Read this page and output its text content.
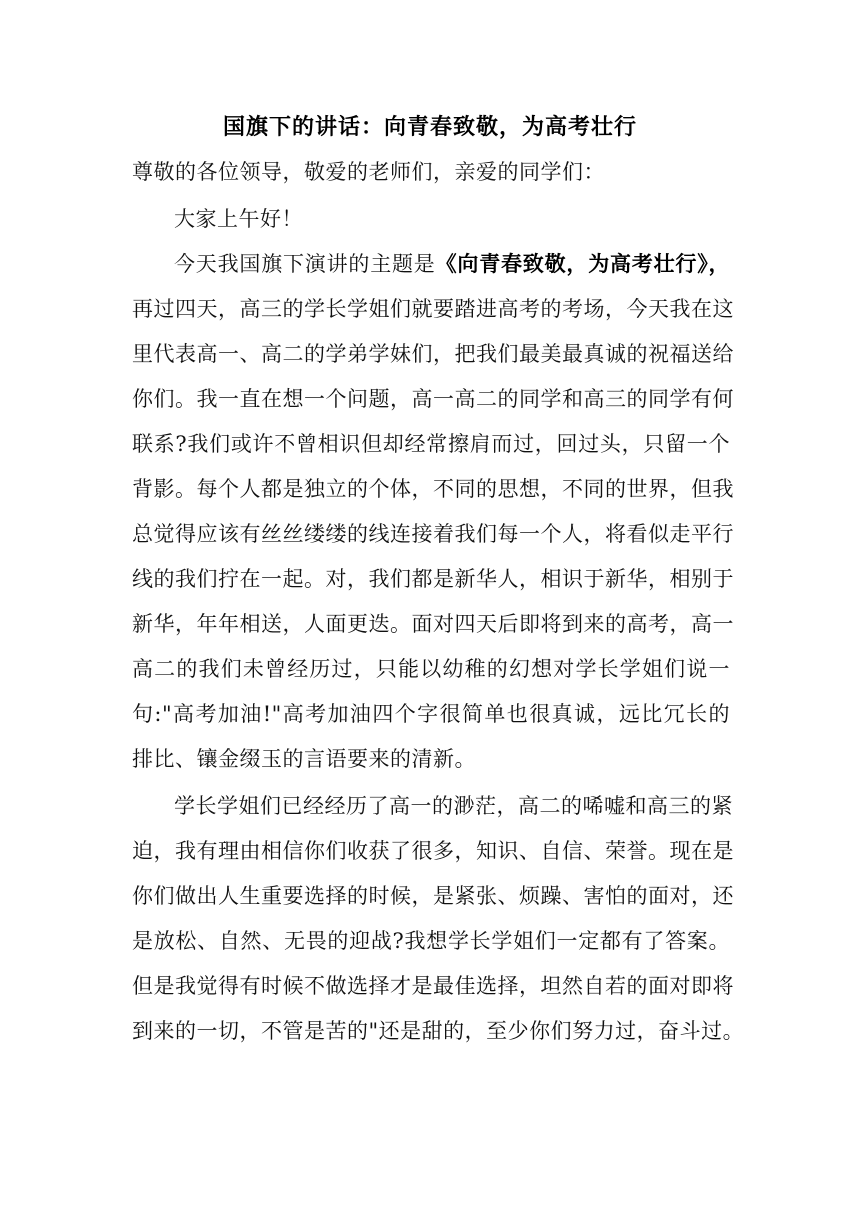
国旗下的讲话：向青春致敬，为高考壮行
尊敬的各位领导，敬爱的老师们，亲爱的同学们：
大家上午好！
今天我国旗下演讲的主题是《向青春致敬，为高考壮行》，
再过四天，高三的学长学姐们就要踏进高考的考场，今天我在这
里代表高一、高二的学弟学妹们，把我们最美最真诚的祝福送给
你们。我一直在想一个问题，高一高二的同学和高三的同学有何
联系?我们或许不曾相识但却经常擦肩而过，回过头，只留一个
背影。每个人都是独立的个体，不同的思想，不同的世界，但我
总觉得应该有丝丝缕缕的线连接着我们每一个人，将看似走平行
线的我们拧在一起。对，我们都是新华人，相识于新华，相别于
新华，年年相送，人面更迭。面对四天后即将到来的高考，高一
高二的我们未曾经历过，只能以幼稚的幻想对学长学姐们说一
句:"高考加油!"高考加油四个字很简单也很真诚，远比冗长的
排比、镶金缀玉的言语要来的清新。
学长学姐们已经经历了高一的渺茫，高二的唏嘘和高三的紧
迫，我有理由相信你们收获了很多，知识、自信、荣誉。现在是
你们做出人生重要选择的时候，是紧张、烦躁、害怕的面对，还
是放松、自然、无畏的迎战?我想学长学姐们一定都有了答案。
但是我觉得有时候不做选择才是最佳选择，坦然自若的面对即将
到来的一切，不管是苦的"还是甜的，至少你们努力过，奋斗过。
